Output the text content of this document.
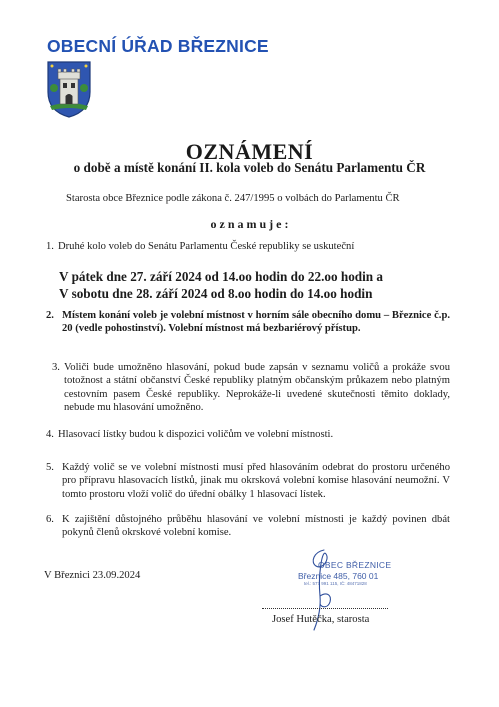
OBECNÍ ÚŘAD BŘEZNICE
OZNÁMENÍ
o době a místě konání II. kola voleb do Senátu Parlamentu ČR
Starosta obce Březnice podle zákona č. 247/1995 o volbách do Parlamentu ČR
o z n a m u j e :
1. Druhé kolo voleb do Senátu Parlamentu České republiky se uskuteční
V pátek dne 27. září 2024 od 14.oo hodin do 22.oo hodin a
V sobotu dne 28. září 2024 od 8.oo hodin do 14.oo hodin
2. Místem konání voleb je volební místnost v horním sále obecního domu – Březnice č.p. 20 (vedle pohostinství). Volební místnost má bezbariérový přístup.
3. Voliči bude umožněno hlasování, pokud bude zapsán v seznamu voličů a prokáže svou totožnost a státní občanství České republiky platným občanským průkazem nebo platným cestovním pasem České republiky. Neprokáže-li uvedené skutečnosti těmito doklady, nebude mu hlasování umožněno.
4. Hlasovací lístky budou k dispozici voličům ve volební místnosti.
5. Každý volič se ve volební místnosti musí před hlasováním odebrat do prostoru určeného pro přípravu hlasovacích lístků, jinak mu okrsková volební komise hlasování neumožní. V tomto prostoru vloží volič do úřední obálky 1 hlasovací lístek.
6. K zajištění důstojného průběhu hlasování ve volební místnosti je každý povinen dbát pokynů členů okrskové volební komise.
V Březnici 23.09.2024
OBEC BŘEZNICE
Březnice 485, 760 01
tel.: 577 991 115, IČ: 48471828
Josef Hutěčka, starosta
